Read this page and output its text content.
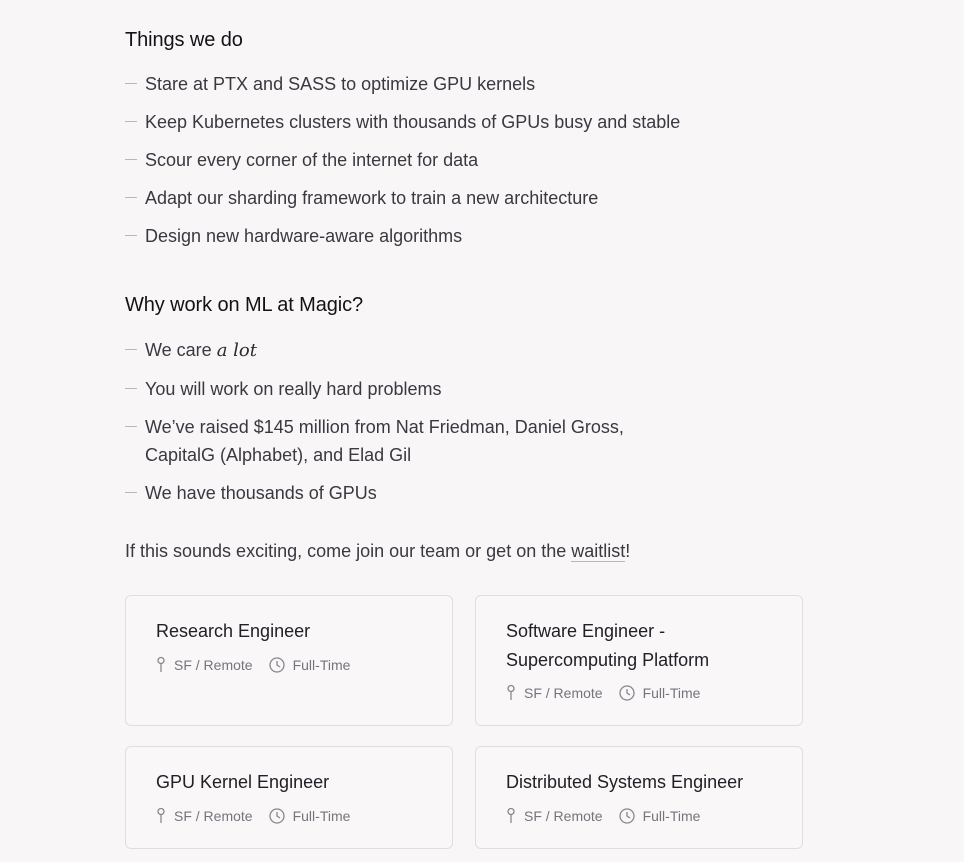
Things we do
Stare at PTX and SASS to optimize GPU kernels
Keep Kubernetes clusters with thousands of GPUs busy and stable
Scour every corner of the internet for data
Adapt our sharding framework to train a new architecture
Design new hardware-aware algorithms
Why work on ML at Magic?
We care a lot
You will work on really hard problems
We’ve raised $145 million from Nat Friedman, Daniel Gross, CapitalG (Alphabet), and Elad Gil
We have thousands of GPUs

If this sounds exciting, come join our team or get on the waitlist!

Research Engineer
SF / Remote	Full-Time
Software Engineer - Supercomputing Platform
SF / Remote	Full-Time
GPU Kernel Engineer
SF / Remote	Full-Time
Distributed Systems Engineer
SF / Remote	Full-Time
